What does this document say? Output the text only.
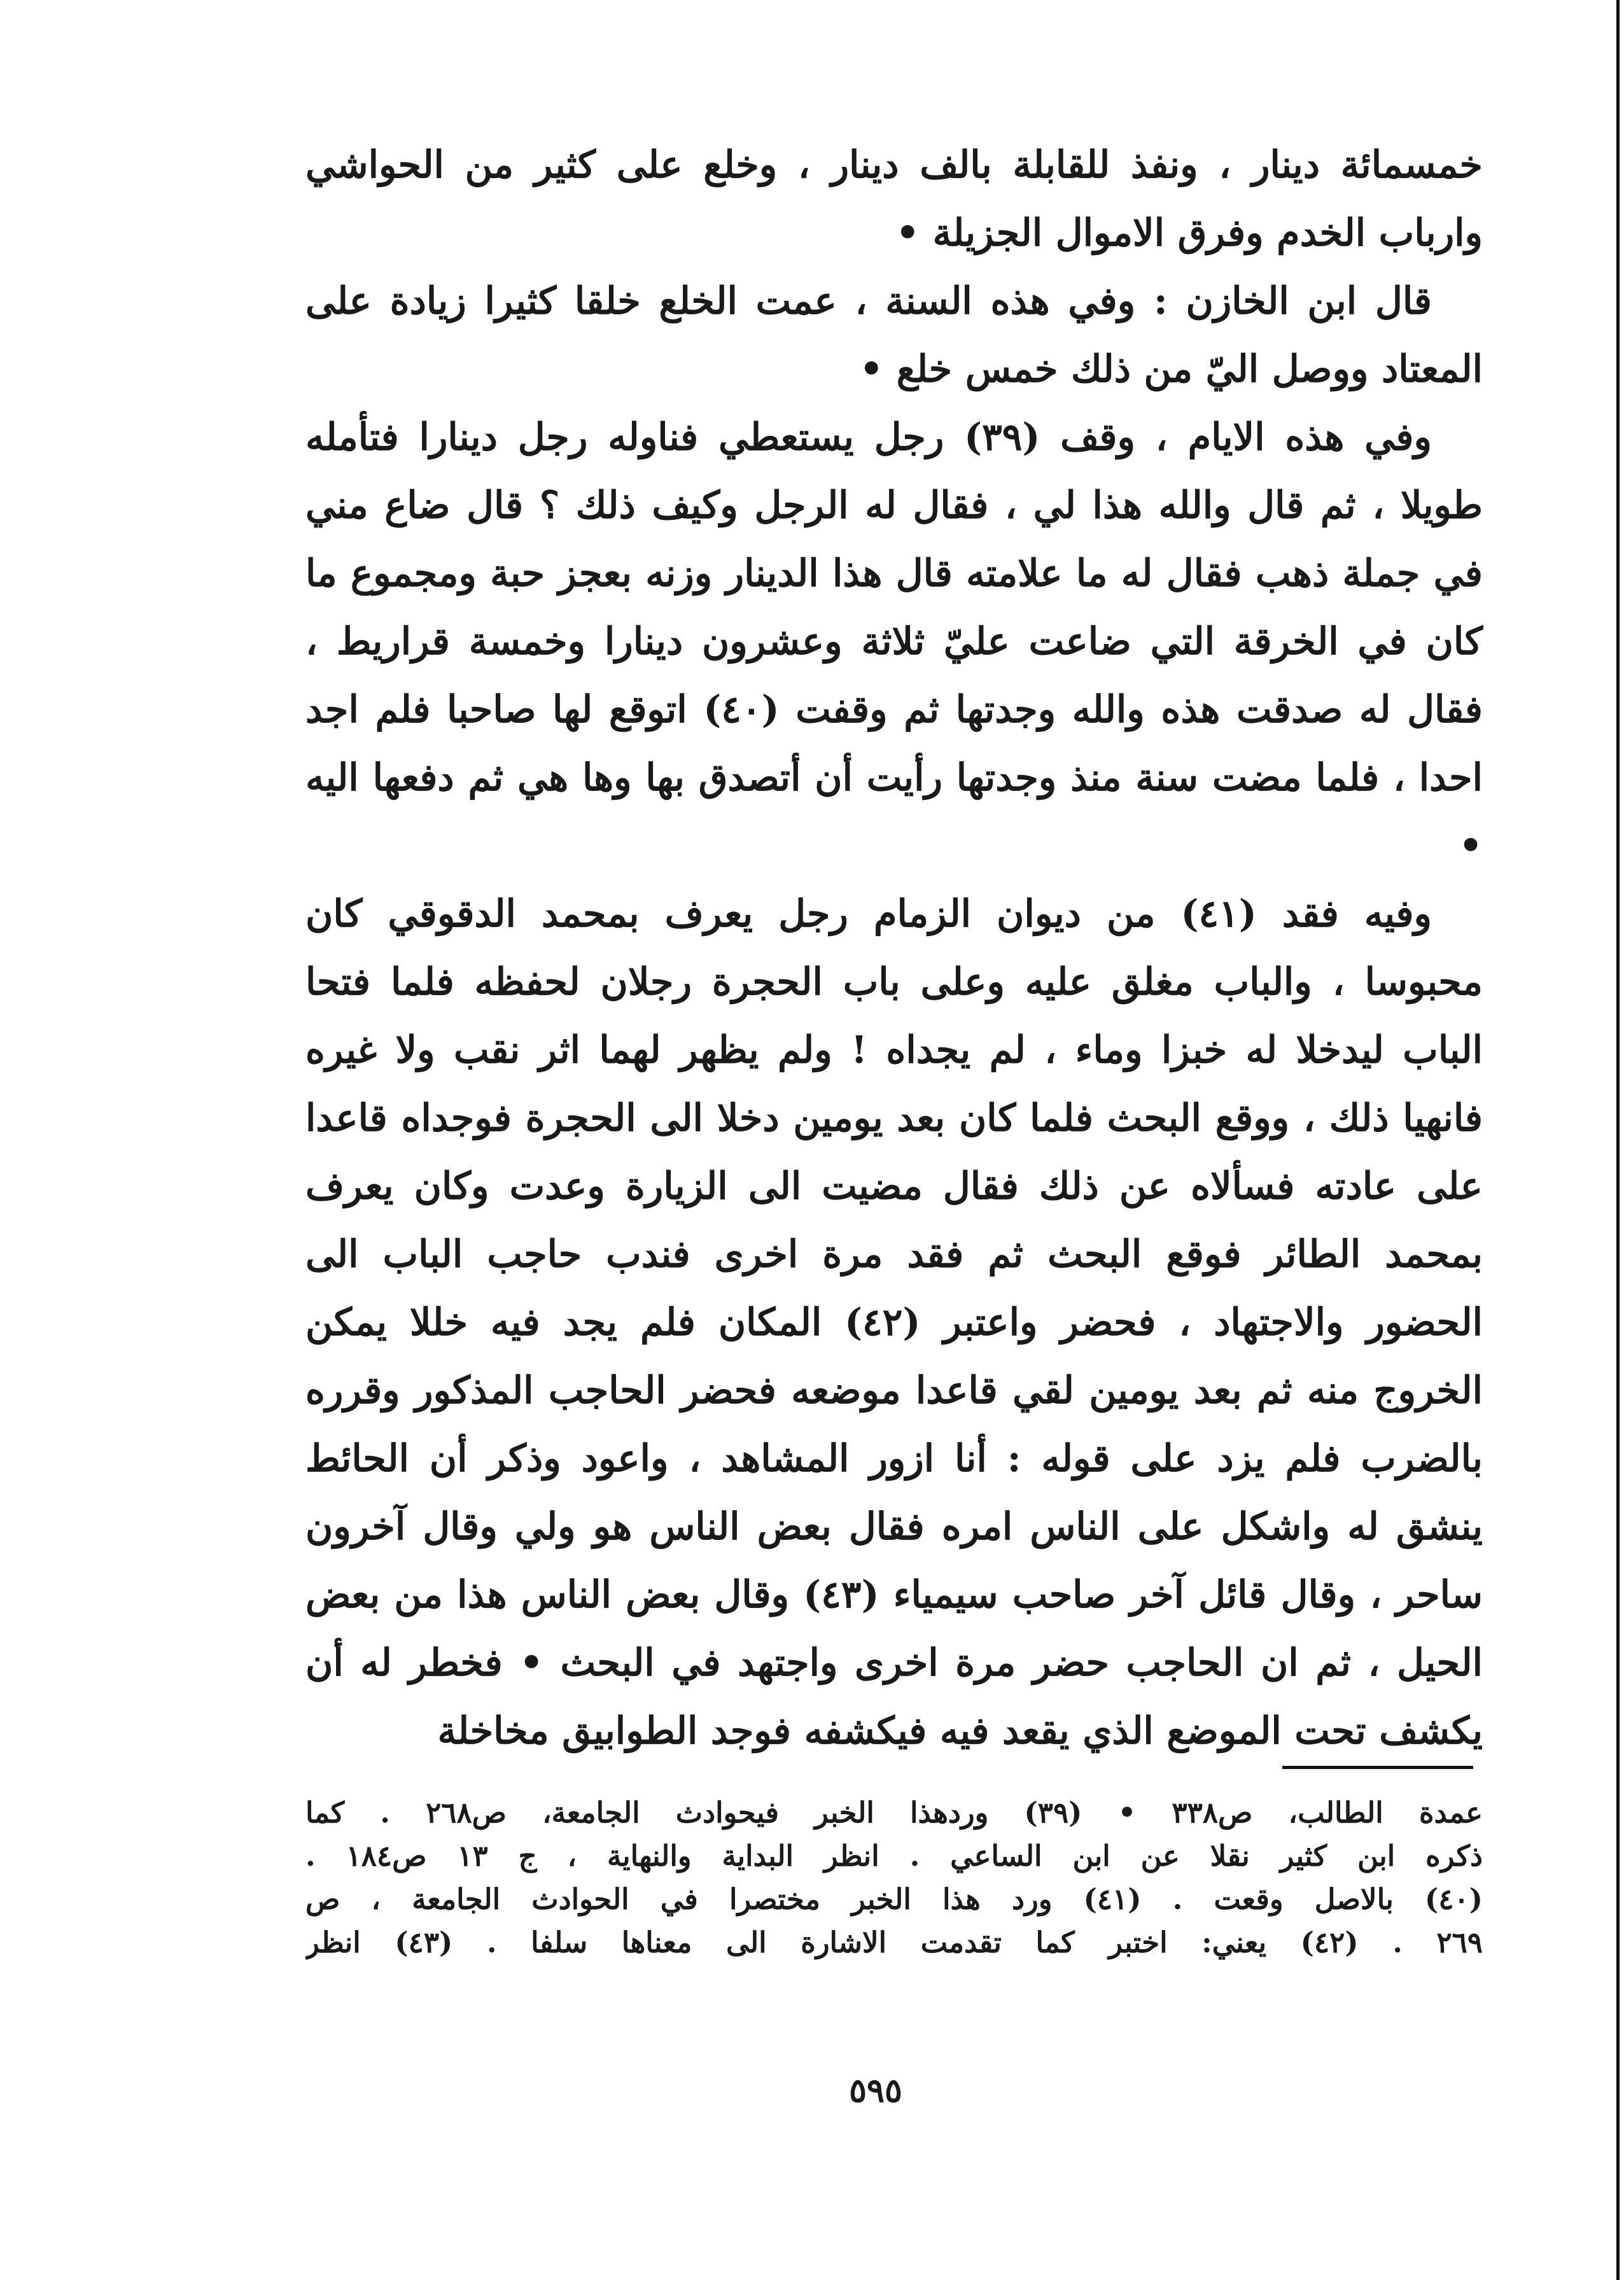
خمسمائة دينار ، ونفذ للقابلة بالف دينار ، وخلع على كثير من الحواشي وارباب الخدم وفرق الاموال الجزيلة •

قال ابن الخازن : وفي هذه السنة ، عمت الخلع خلقا كثيرا زيادة على المعتاد ووصل اليّ من ذلك خمس خلع •

وفي هذه الايام ، وقف (٣٩) رجل يستعطي فناوله رجل دينارا فتأمله طويلا ، ثم قال والله هذا لي ، فقال له الرجل وكيف ذلك ؟ قال ضاع مني في جملة ذهب فقال له ما علامته قال هذا الدينار وزنه بعجز حبة ومجموع ما كان في الخرقة التي ضاعت عليّ ثلاثة وعشرون دينارا وخمسة قراريط ، فقال له صدقت هذه والله وجدتها ثم وقفت (٤٠) اتوقع لها صاحبا فلم اجد احدا ، فلما مضت سنة منذ وجدتها رأيت أن أتصدق بها وها هي ثم دفعها اليه •

وفيه فقد (٤١) من ديوان الزمام رجل يعرف بمحمد الدقوقي كان محبوسا ، والباب مغلق عليه وعلى باب الحجرة رجلان لحفظه فلما فتحا الباب ليدخلا له خبزا وماء ، لم يجداه ! ولم يظهر لهما اثر نقب ولا غيره فانهيا ذلك ، ووقع البحث فلما كان بعد يومين دخلا الى الحجرة فوجداه قاعدا على عادته فسألاه عن ذلك فقال مضيت الى الزيارة وعدت وكان يعرف بمحمد الطائر فوقع البحث ثم فقد مرة اخرى فندب حاجب الباب الى الحضور والاجتهاد ، فحضر واعتبر (٤٢) المكان فلم يجد فيه خللا يمكن الخروج منه ثم بعد يومين لقي قاعدا موضعه فحضر الحاجب المذكور وقرره بالضرب فلم يزد على قوله : أنا ازور المشاهد ، واعود وذكر أن الحائط ينشق له واشكل على الناس امره فقال بعض الناس هو ولي وقال آخرون ساحر ، وقال قائل آخر صاحب سيمياء (٤٣) وقال بعض الناس هذا من بعض الحيل ، ثم ان الحاجب حضر مرة اخرى واجتهد في البحث • فخطر له أن يكشف تحت الموضع الذي يقعد فيه فيكشفه فوجد الطوابيق مخاخلة

عمدة الطالب، ص٣٣٨ • (٣٩) وردهذا الخبر فيحوادث الجامعة، ص٢٦٨ . كما

ذكره ابن كثير نقلا عن ابن الساعي . انظر البداية والنهاية ، ج ١٣ ص١٨٤ .

(٤٠) بالاصل وقعت . (٤١) ورد هذا الخبر مختصرا في الحوادث الجامعة ، ص

٢٦٩ . (٤٢) يعني: اختبر كما تقدمت الاشارة الى معناها سلفا . (٤٣) انظر

٥٩٥
